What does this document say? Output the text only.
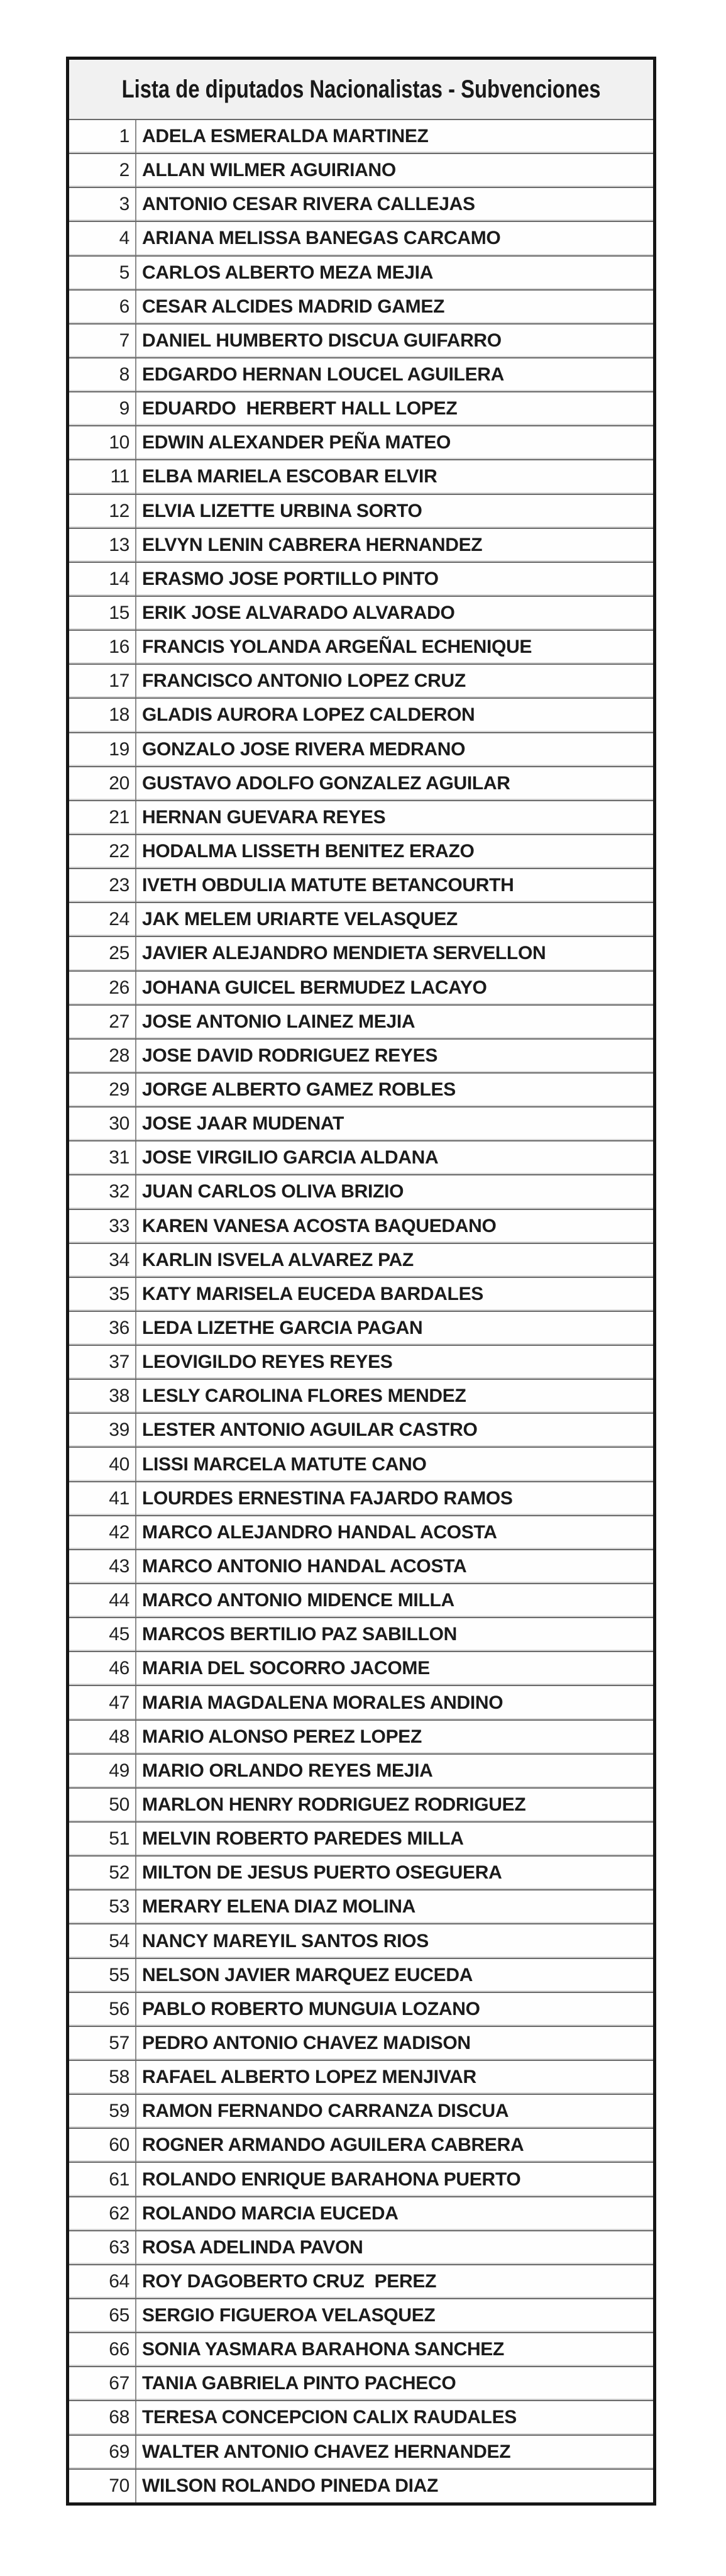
Lista de diputados Nacionalistas - Subvenciones
1 ADELA ESMERALDA MARTINEZ
2 ALLAN WILMER AGUIRIANO
3 ANTONIO CESAR RIVERA CALLEJAS
4 ARIANA MELISSA BANEGAS CARCAMO
5 CARLOS ALBERTO MEZA MEJIA
6 CESAR ALCIDES MADRID GAMEZ
7 DANIEL HUMBERTO DISCUA GUIFARRO
8 EDGARDO HERNAN LOUCEL AGUILERA
9 EDUARDO  HERBERT HALL LOPEZ
10 EDWIN ALEXANDER PEÑA MATEO
11 ELBA MARIELA ESCOBAR ELVIR
12 ELVIA LIZETTE URBINA SORTO
13 ELVYN LENIN CABRERA HERNANDEZ
14 ERASMO JOSE PORTILLO PINTO
15 ERIK JOSE ALVARADO ALVARADO
16 FRANCIS YOLANDA ARGEÑAL ECHENIQUE
17 FRANCISCO ANTONIO LOPEZ CRUZ
18 GLADIS AURORA LOPEZ CALDERON
19 GONZALO JOSE RIVERA MEDRANO
20 GUSTAVO ADOLFO GONZALEZ AGUILAR
21 HERNAN GUEVARA REYES
22 HODALMA LISSETH BENITEZ ERAZO
23 IVETH OBDULIA MATUTE BETANCOURTH
24 JAK MELEM URIARTE VELASQUEZ
25 JAVIER ALEJANDRO MENDIETA SERVELLON
26 JOHANA GUICEL BERMUDEZ LACAYO
27 JOSE ANTONIO LAINEZ MEJIA
28 JOSE DAVID RODRIGUEZ REYES
29 JORGE ALBERTO GAMEZ ROBLES
30 JOSE JAAR MUDENAT
31 JOSE VIRGILIO GARCIA ALDANA
32 JUAN CARLOS OLIVA BRIZIO
33 KAREN VANESA ACOSTA BAQUEDANO
34 KARLIN ISVELA ALVAREZ PAZ
35 KATY MARISELA EUCEDA BARDALES
36 LEDA LIZETHE GARCIA PAGAN
37 LEOVIGILDO REYES REYES
38 LESLY CAROLINA FLORES MENDEZ
39 LESTER ANTONIO AGUILAR CASTRO
40 LISSI MARCELA MATUTE CANO
41 LOURDES ERNESTINA FAJARDO RAMOS
42 MARCO ALEJANDRO HANDAL ACOSTA
43 MARCO ANTONIO HANDAL ACOSTA
44 MARCO ANTONIO MIDENCE MILLA
45 MARCOS BERTILIO PAZ SABILLON
46 MARIA DEL SOCORRO JACOME
47 MARIA MAGDALENA MORALES ANDINO
48 MARIO ALONSO PEREZ LOPEZ
49 MARIO ORLANDO REYES MEJIA
50 MARLON HENRY RODRIGUEZ RODRIGUEZ
51 MELVIN ROBERTO PAREDES MILLA
52 MILTON DE JESUS PUERTO OSEGUERA
53 MERARY ELENA DIAZ MOLINA
54 NANCY MAREYIL SANTOS RIOS
55 NELSON JAVIER MARQUEZ EUCEDA
56 PABLO ROBERTO MUNGUIA LOZANO
57 PEDRO ANTONIO CHAVEZ MADISON
58 RAFAEL ALBERTO LOPEZ MENJIVAR
59 RAMON FERNANDO CARRANZA DISCUA
60 ROGNER ARMANDO AGUILERA CABRERA
61 ROLANDO ENRIQUE BARAHONA PUERTO
62 ROLANDO MARCIA EUCEDA
63 ROSA ADELINDA PAVON
64 ROY DAGOBERTO CRUZ  PEREZ
65 SERGIO FIGUEROA VELASQUEZ
66 SONIA YASMARA BARAHONA SANCHEZ
67 TANIA GABRIELA PINTO PACHECO
68 TERESA CONCEPCION CALIX RAUDALES
69 WALTER ANTONIO CHAVEZ HERNANDEZ
70 WILSON ROLANDO PINEDA DIAZ
